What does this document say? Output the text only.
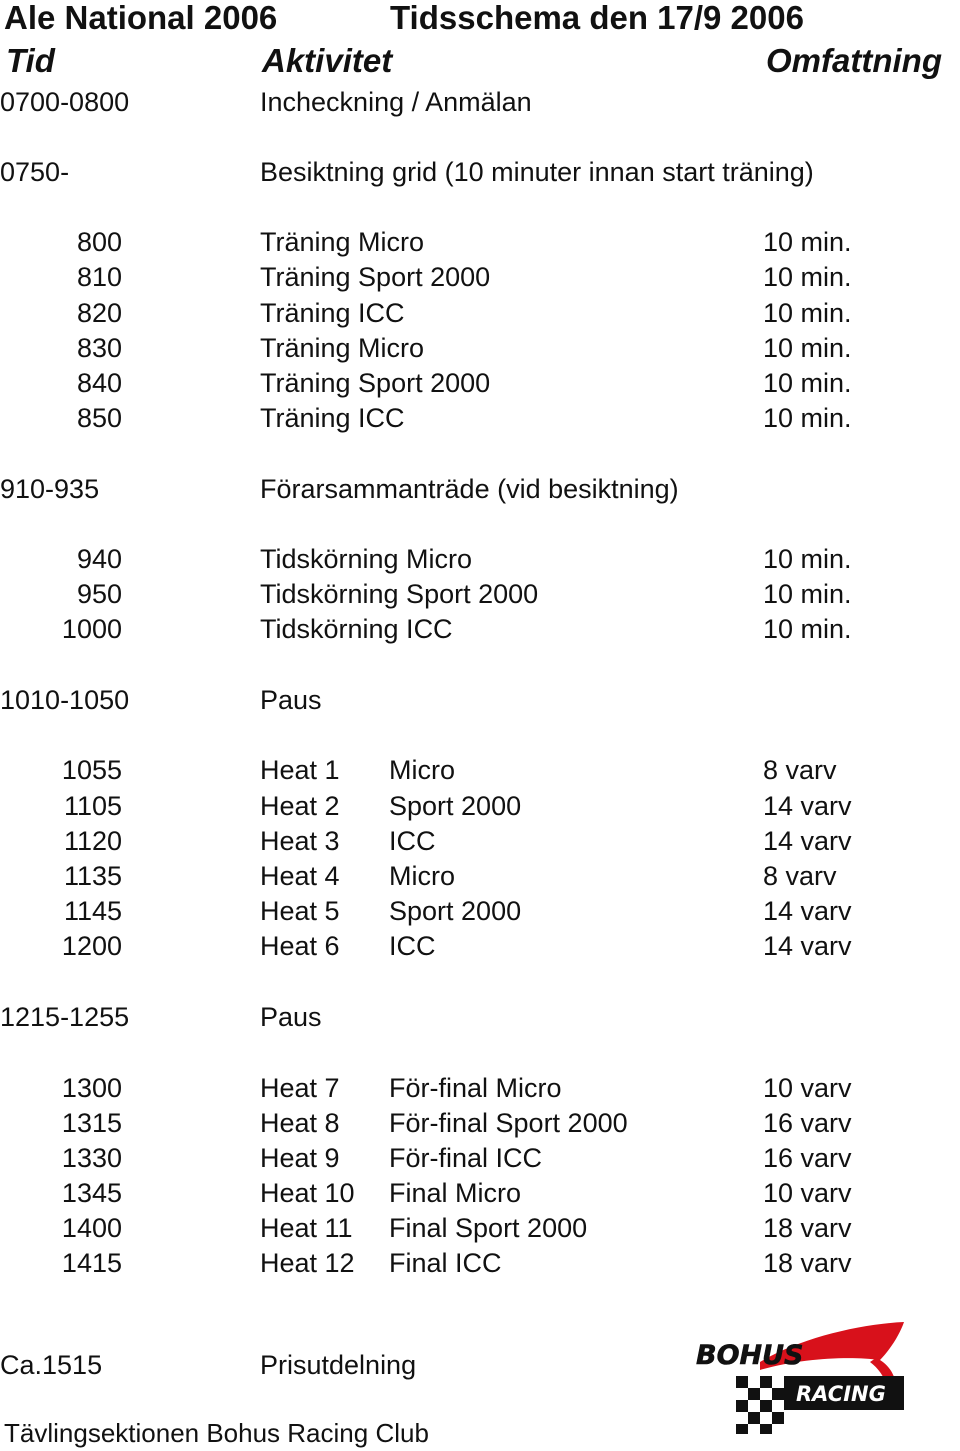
Ale National 2006	Tidsschema den 17/9 2006
Tid	Aktivitet	Omfattning
0700-0800	Incheckning / Anmälan
0750-	Besiktning grid (10 minuter innan start träning)
800	Träning Micro	10 min.
810	Träning Sport 2000	10 min.
820	Träning ICC	10 min.
830	Träning Micro	10 min.
840	Träning Sport 2000	10 min.
850	Träning ICC	10 min.
910-935	Förarsammanträde (vid besiktning)
940	Tidskörning Micro	10 min.
950	Tidskörning Sport 2000	10 min.
1000	Tidskörning ICC	10 min.
1010-1050	Paus
1055	Heat 1 Micro	8 varv
1105	Heat 2 Sport 2000	14 varv
1120	Heat 3 ICC	14 varv
1135	Heat 4 Micro	8 varv
1145	Heat 5 Sport 2000	14 varv
1200	Heat 6 ICC	14 varv
1215-1255	Paus
1300	Heat 7 För-final Micro	10 varv
1315	Heat 8 För-final Sport 2000	16 varv
1330	Heat 9 För-final ICC	16 varv
1345	Heat 10 Final Micro	10 varv
1400	Heat 11 Final Sport 2000	18 varv
1415	Heat 12 Final ICC	18 varv
Ca.1515	Prisutdelning	BOHUS
RACING
Tävlingsektionen Bohus Racing Club
